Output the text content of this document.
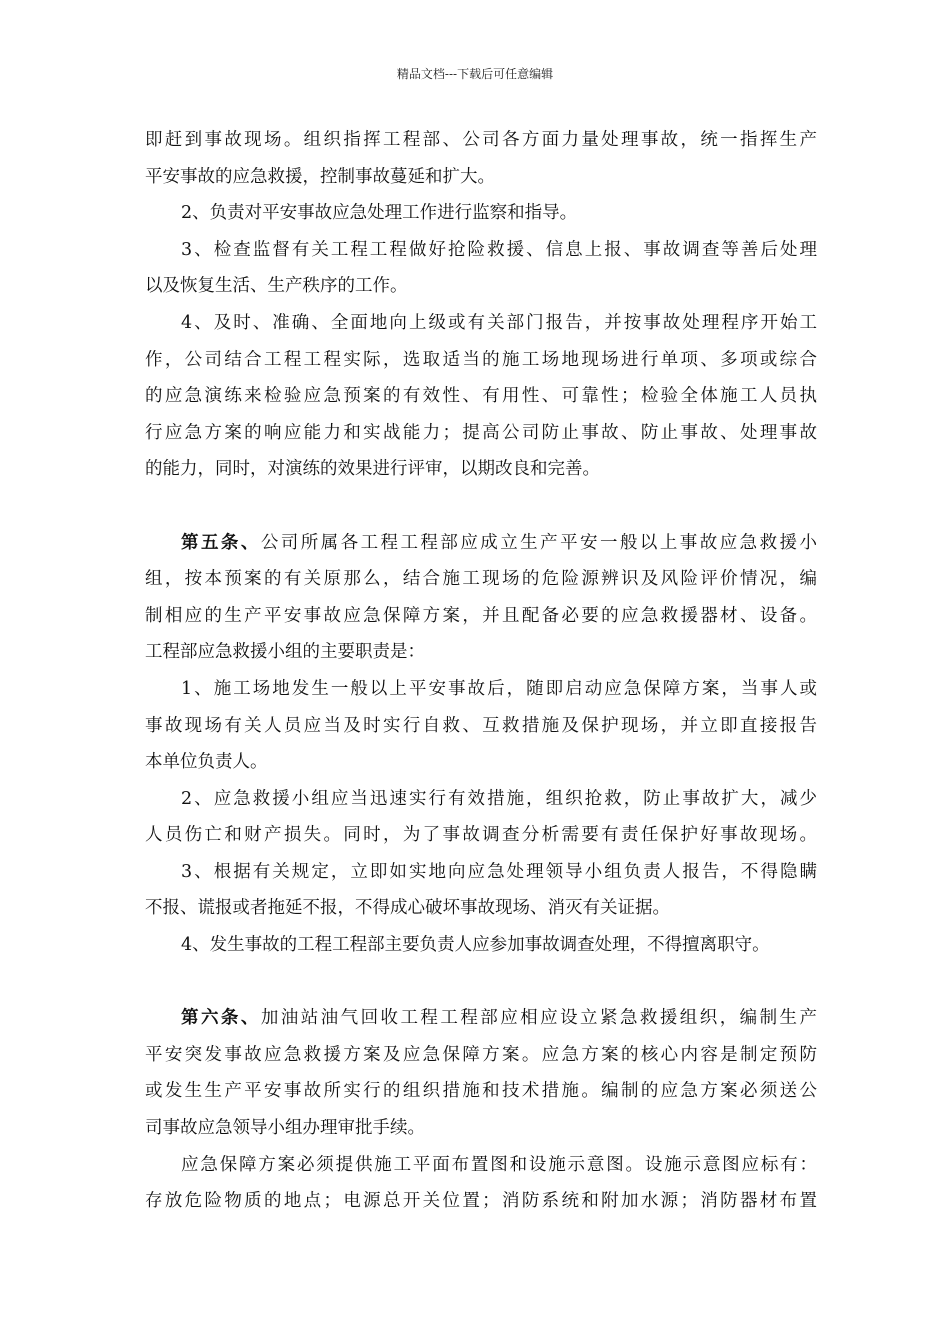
精品文档---下载后可任意编辑
即赶到事故现场。组织指挥工程部、公司各方面力量处理事故，统一指挥生产
平安事故的应急救援，控制事故蔓延和扩大。
2、负责对平安事故应急处理工作进行监察和指导。
3、检查监督有关工程工程做好抢险救援、信息上报、事故调查等善后处理
以及恢复生活、生产秩序的工作。
4、及时、准确、全面地向上级或有关部门报告，并按事故处理程序开始工
作，公司结合工程工程实际，选取适当的施工场地现场进行单项、多项或综合
的应急演练来检验应急预案的有效性、有用性、可靠性；检验全体施工人员执
行应急方案的响应能力和实战能力；提高公司防止事故、防止事故、处理事故
的能力，同时，对演练的效果进行评审，以期改良和完善。
第五条、公司所属各工程工程部应成立生产平安一般以上事故应急救援小
组，按本预案的有关原那么，结合施工现场的危险源辨识及风险评价情况，编
制相应的生产平安事故应急保障方案，并且配备必要的应急救援器材、设备。
工程部应急救援小组的主要职责是：
1、施工场地发生一般以上平安事故后，随即启动应急保障方案，当事人或
事故现场有关人员应当及时实行自救、互救措施及保护现场，并立即直接报告
本单位负责人。
2、应急救援小组应当迅速实行有效措施，组织抢救，防止事故扩大，减少
人员伤亡和财产损失。同时，为了事故调查分析需要有责任保护好事故现场。
3、根据有关规定，立即如实地向应急处理领导小组负责人报告，不得隐瞒
不报、谎报或者拖延不报，不得成心破坏事故现场、消灭有关证据。
4、发生事故的工程工程部主要负责人应参加事故调查处理，不得擅离职守。
第六条、加油站油气回收工程工程部应相应设立紧急救援组织，编制生产
平安突发事故应急救援方案及应急保障方案。应急方案的核心内容是制定预防
或发生生产平安事故所实行的组织措施和技术措施。编制的应急方案必须送公
司事故应急领导小组办理审批手续。
应急保障方案必须提供施工平面布置图和设施示意图。设施示意图应标有：
存放危险物质的地点；电源总开关位置；消防系统和附加水源；消防器材布置
